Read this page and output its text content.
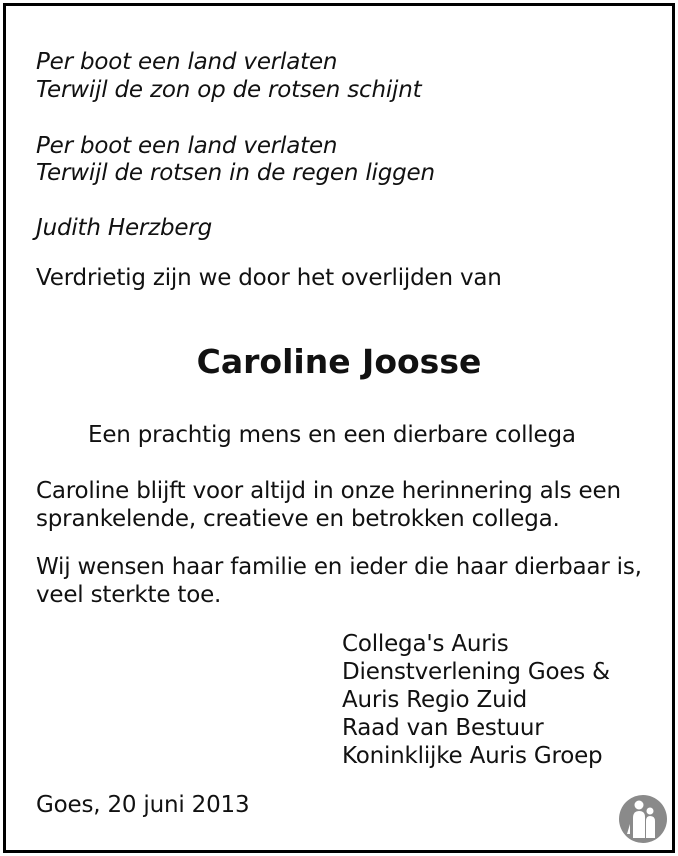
Per boot een land verlaten
Terwijl de zon op de rotsen schijnt
Per boot een land verlaten
Terwijl de rotsen in de regen liggen
Judith Herzberg
Verdrietig zijn we door het overlijden van
Caroline Joosse
Een prachtig mens en een dierbare collega
Caroline blijft voor altijd in onze herinnering als een
sprankelende, creatieve en betrokken collega.
Wij wensen haar familie en ieder die haar dierbaar is,
veel sterkte toe.
Collega's Auris
Dienstverlening Goes &
Auris Regio Zuid
Raad van Bestuur
Koninklijke Auris Groep
Goes, 20 juni 2013
